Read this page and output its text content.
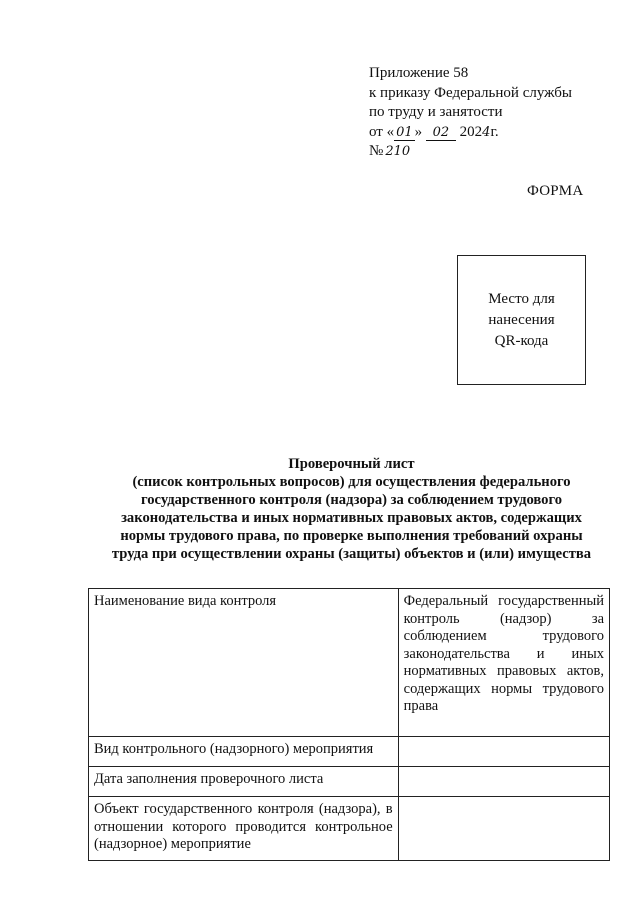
Приложение 58
к приказу Федеральной службы
по труду и занятости
от « 01 » 02 2024г.
№ 210
ФОРМА
Место для
нанесения
QR-кода
Проверочный лист
(список контрольных вопросов) для осуществления федерального
государственного контроля (надзора) за соблюдением трудового
законодательства и иных нормативных правовых актов, содержащих
нормы трудового права, по проверке выполнения требований охраны
труда при осуществлении охраны (защиты) объектов и (или) имущества
Наименование вида контроля	Федеральный государственный контроль (надзор) за соблюдением трудового законодательства и иных нормативных правовых актов, содержащих нормы трудового права
Вид контрольного (надзорного) мероприятия	
Дата заполнения проверочного листа	
Объект государственного контроля (надзора), в отношении которого проводится контрольное (надзорное) мероприятие	
